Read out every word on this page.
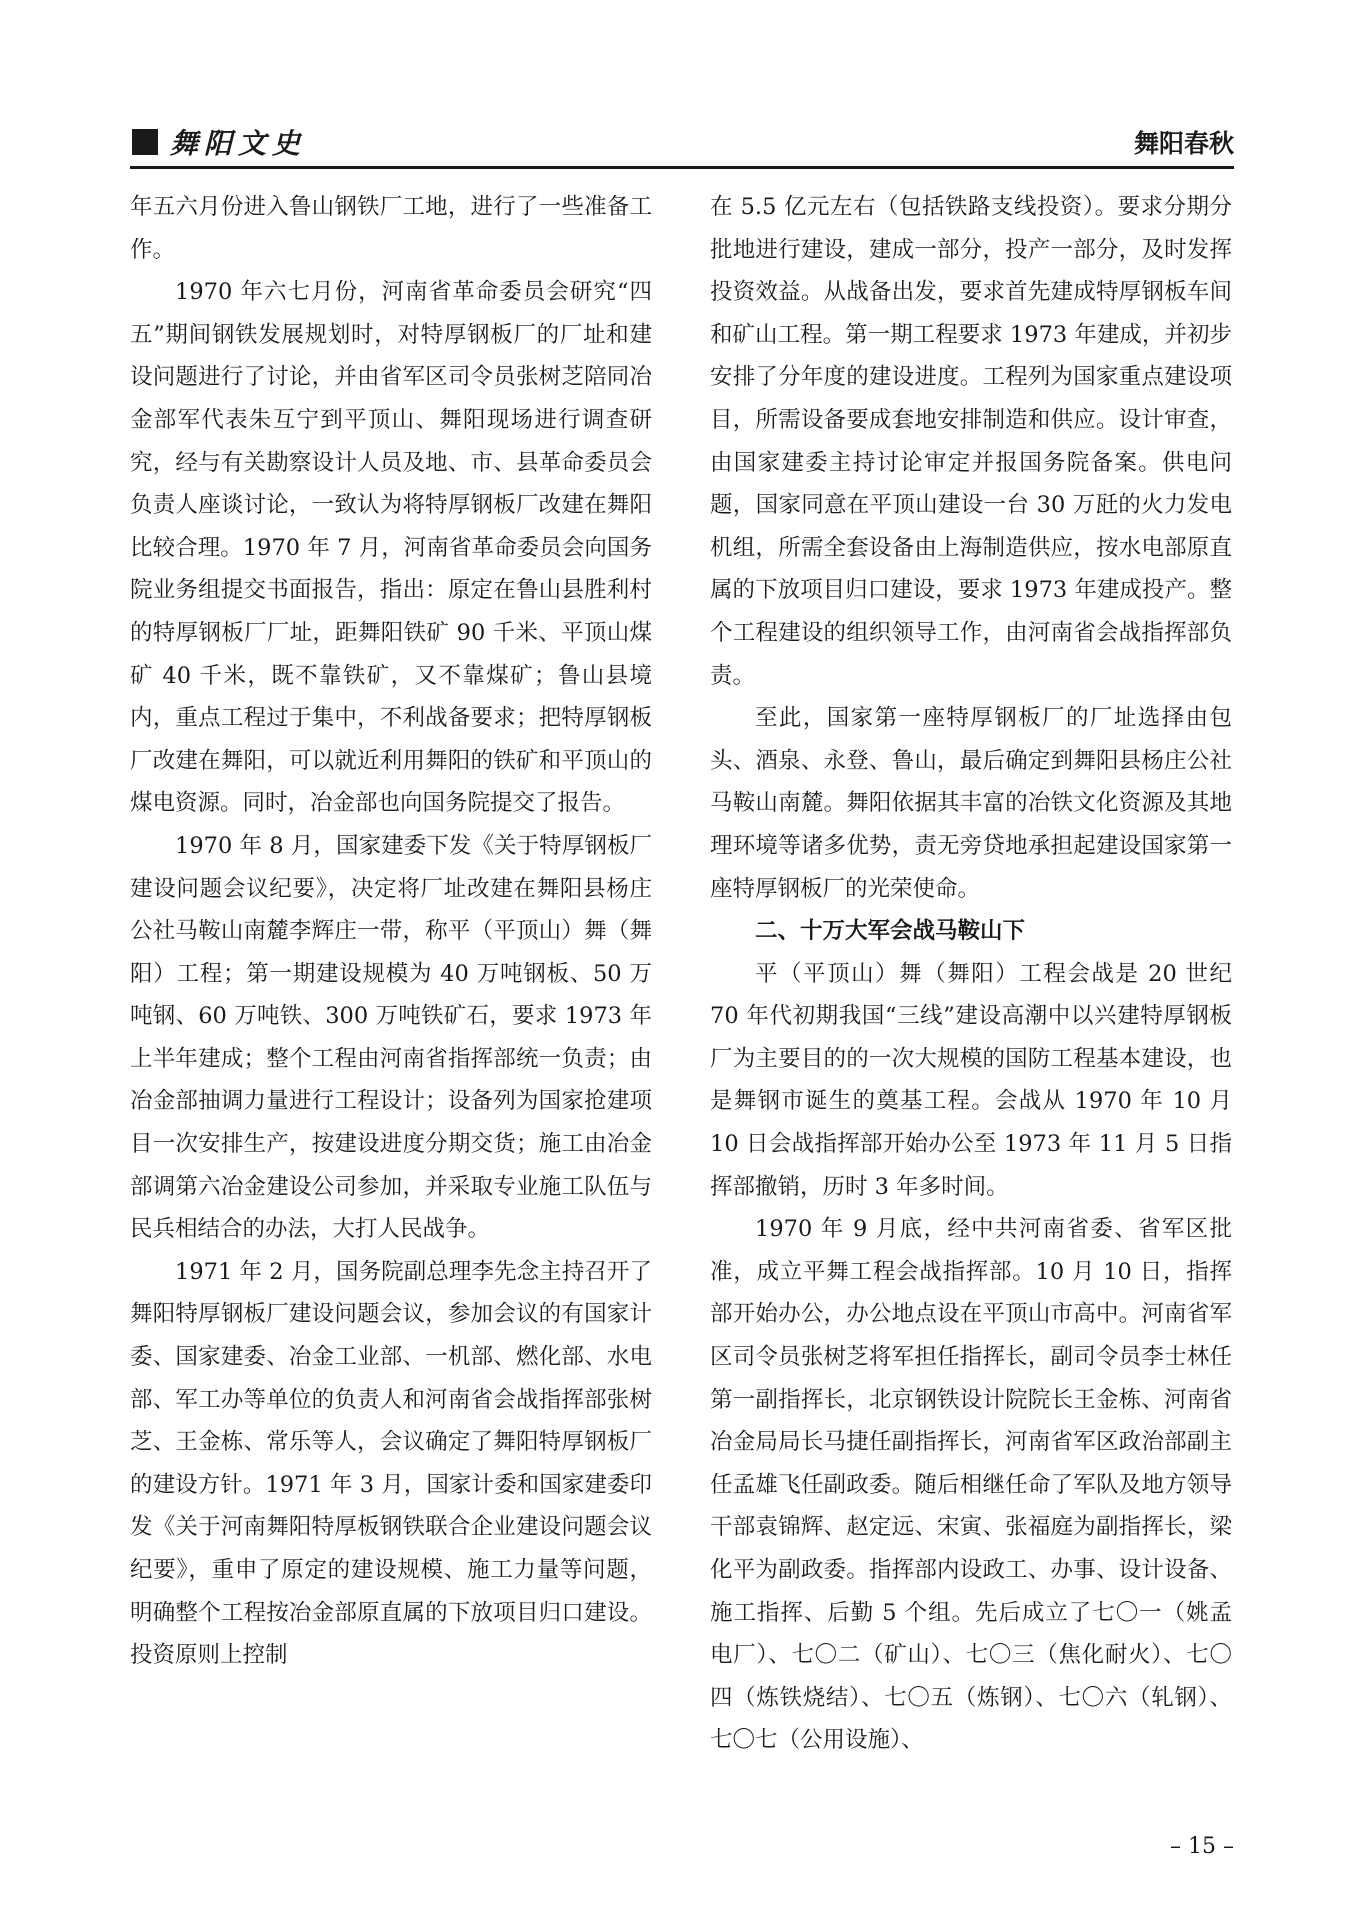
舞阳文史	舞阳春秋

年五六月份进入鲁山钢铁厂工地，进行了一些准备工作。

1970 年六七月份，河南省革命委员会研究“四五”期间钢铁发展规划时，对特厚钢板厂的厂址和建设问题进行了讨论，并由省军区司令员张树芝陪同冶金部军代表朱互宁到平顶山、舞阳现场进行调查研究，经与有关勘察设计人员及地、市、县革命委员会负责人座谈讨论，一致认为将特厚钢板厂改建在舞阳比较合理。1970 年 7 月，河南省革命委员会向国务院业务组提交书面报告，指出：原定在鲁山县胜利村的特厚钢板厂厂址，距舞阳铁矿 90 千米、平顶山煤矿 40 千米，既不靠铁矿，又不靠煤矿；鲁山县境内，重点工程过于集中，不利战备要求；把特厚钢板厂改建在舞阳，可以就近利用舞阳的铁矿和平顶山的煤电资源。同时，冶金部也向国务院提交了报告。

1970 年 8 月，国家建委下发《关于特厚钢板厂建设问题会议纪要》，决定将厂址改建在舞阳县杨庄公社马鞍山南麓李辉庄一带，称平（平顶山）舞（舞阳）工程；第一期建设规模为 40 万吨钢板、50 万吨钢、60 万吨铁、300 万吨铁矿石，要求 1973 年上半年建成；整个工程由河南省指挥部统一负责；由冶金部抽调力量进行工程设计；设备列为国家抢建项目一次安排生产，按建设进度分期交货；施工由冶金部调第六冶金建设公司参加，并采取专业施工队伍与民兵相结合的办法，大打人民战争。

1971 年 2 月，国务院副总理李先念主持召开了舞阳特厚钢板厂建设问题会议，参加会议的有国家计委、国家建委、冶金工业部、一机部、燃化部、水电部、军工办等单位的负责人和河南省会战指挥部张树芝、王金栋、常乐等人，会议确定了舞阳特厚钢板厂的建设方针。1971 年 3 月，国家计委和国家建委印发《关于河南舞阳特厚板钢铁联合企业建设问题会议纪要》，重申了原定的建设规模、施工力量等问题，明确整个工程按冶金部原直属的下放项目归口建设。投资原则上控制

在 5.5 亿元左右（包括铁路支线投资）。要求分期分批地进行建设，建成一部分，投产一部分，及时发挥投资效益。从战备出发，要求首先建成特厚钢板车间和矿山工程。第一期工程要求 1973 年建成，并初步安排了分年度的建设进度。工程列为国家重点建设项目，所需设备要成套地安排制造和供应。设计审查，由国家建委主持讨论审定并报国务院备案。供电问题，国家同意在平顶山建设一台 30 万瓩的火力发电机组，所需全套设备由上海制造供应，按水电部原直属的下放项目归口建设，要求 1973 年建成投产。整个工程建设的组织领导工作，由河南省会战指挥部负责。

至此，国家第一座特厚钢板厂的厂址选择由包头、酒泉、永登、鲁山，最后确定到舞阳县杨庄公社马鞍山南麓。舞阳依据其丰富的冶铁文化资源及其地理环境等诸多优势，责无旁贷地承担起建设国家第一座特厚钢板厂的光荣使命。

二、十万大军会战马鞍山下

平（平顶山）舞（舞阳）工程会战是 20 世纪 70 年代初期我国“三线”建设高潮中以兴建特厚钢板厂为主要目的的一次大规模的国防工程基本建设，也是舞钢市诞生的奠基工程。会战从 1970 年 10 月 10 日会战指挥部开始办公至 1973 年 11 月 5 日指挥部撤销，历时 3 年多时间。

1970 年 9 月底，经中共河南省委、省军区批准，成立平舞工程会战指挥部。10 月 10 日，指挥部开始办公，办公地点设在平顶山市高中。河南省军区司令员张树芝将军担任指挥长，副司令员李士林任第一副指挥长，北京钢铁设计院院长王金栋、河南省冶金局局长马捷任副指挥长，河南省军区政治部副主任孟雄飞任副政委。随后相继任命了军队及地方领导干部袁锦辉、赵定远、宋寅、张福庭为副指挥长，梁化平为副政委。指挥部内设政工、办事、设计设备、施工指挥、后勤 5 个组。先后成立了七〇一（姚孟电厂）、七〇二（矿山）、七〇三（焦化耐火）、七〇四（炼铁烧结）、七〇五（炼钢）、七〇六（轧钢）、七〇七（公用设施）、

– 15 –
